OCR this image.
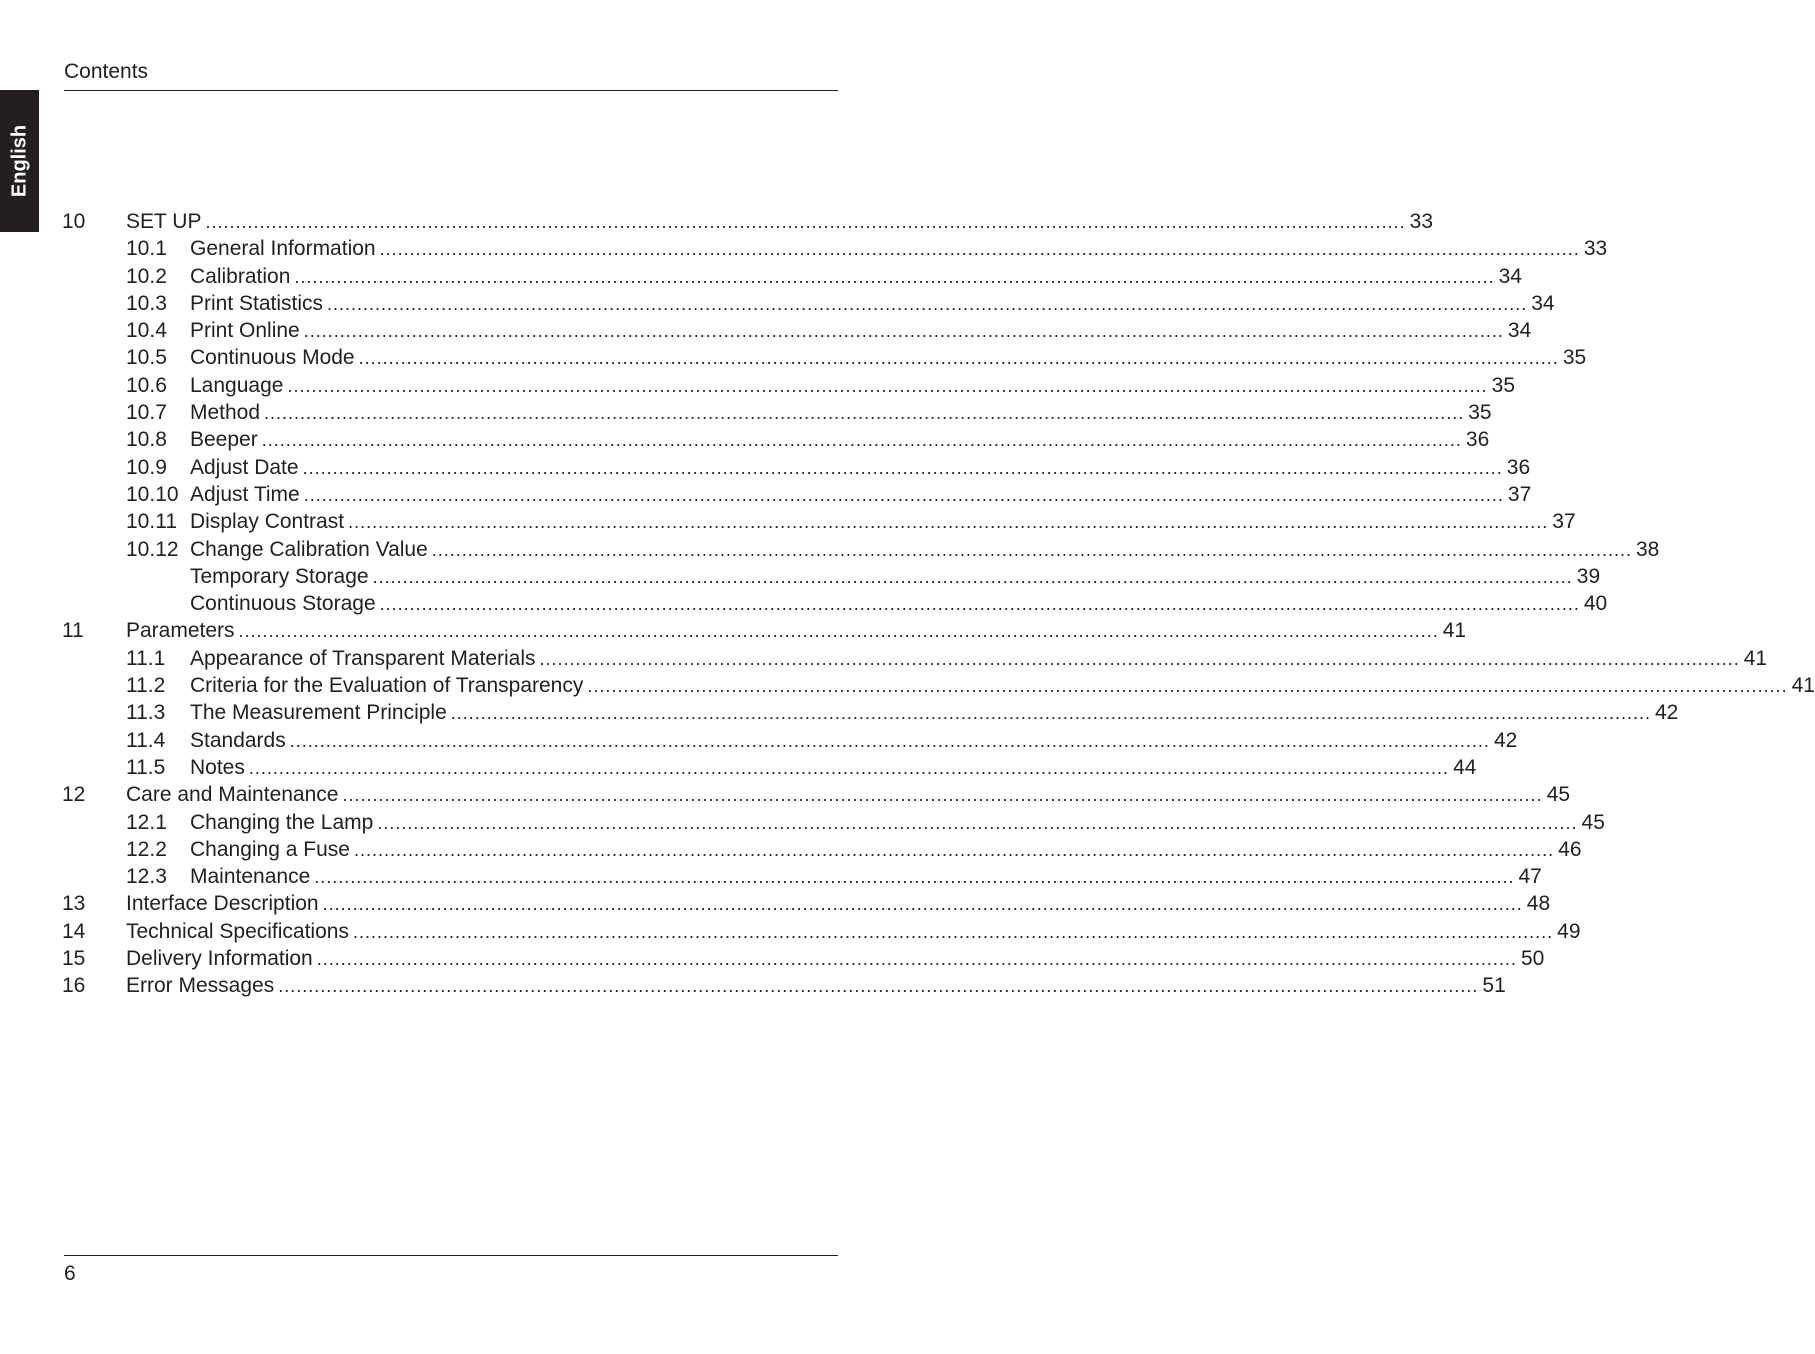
Contents
English
10 SET UP ........................................................................................................................................................................................................ 33
10.1 General Information ........................................................................................................................................................................................................ 33
10.2 Calibration ........................................................................................................................................................................................................ 34
10.3 Print Statistics ........................................................................................................................................................................................................ 34
10.4 Print Online ........................................................................................................................................................................................................ 34
10.5 Continuous Mode ........................................................................................................................................................................................................ 35
10.6 Language ........................................................................................................................................................................................................ 35
10.7 Method ........................................................................................................................................................................................................ 35
10.8 Beeper ........................................................................................................................................................................................................ 36
10.9 Adjust Date ........................................................................................................................................................................................................ 36
10.10 Adjust Time ........................................................................................................................................................................................................ 37
10.11 Display Contrast ........................................................................................................................................................................................................ 37
10.12 Change Calibration Value ........................................................................................................................................................................................................ 38
Temporary Storage ........................................................................................................................................................................................................ 39
Continuous Storage ........................................................................................................................................................................................................ 40
11 Parameters ........................................................................................................................................................................................................ 41
11.1 Appearance of Transparent Materials ........................................................................................................................................................................................................ 41
11.2 Criteria for the Evaluation of Transparency ........................................................................................................................................................................................................ 41
11.3 The Measurement Principle ........................................................................................................................................................................................................ 42
11.4 Standards ........................................................................................................................................................................................................ 42
11.5 Notes ........................................................................................................................................................................................................ 44
12 Care and Maintenance ........................................................................................................................................................................................................ 45
12.1 Changing the Lamp ........................................................................................................................................................................................................ 45
12.2 Changing a Fuse ........................................................................................................................................................................................................ 46
12.3 Maintenance ........................................................................................................................................................................................................ 47
13 Interface Description ........................................................................................................................................................................................................ 48
14 Technical Specifications ........................................................................................................................................................................................................ 49
15 Delivery Information ........................................................................................................................................................................................................ 50
16 Error Messages ........................................................................................................................................................................................................ 51
6
